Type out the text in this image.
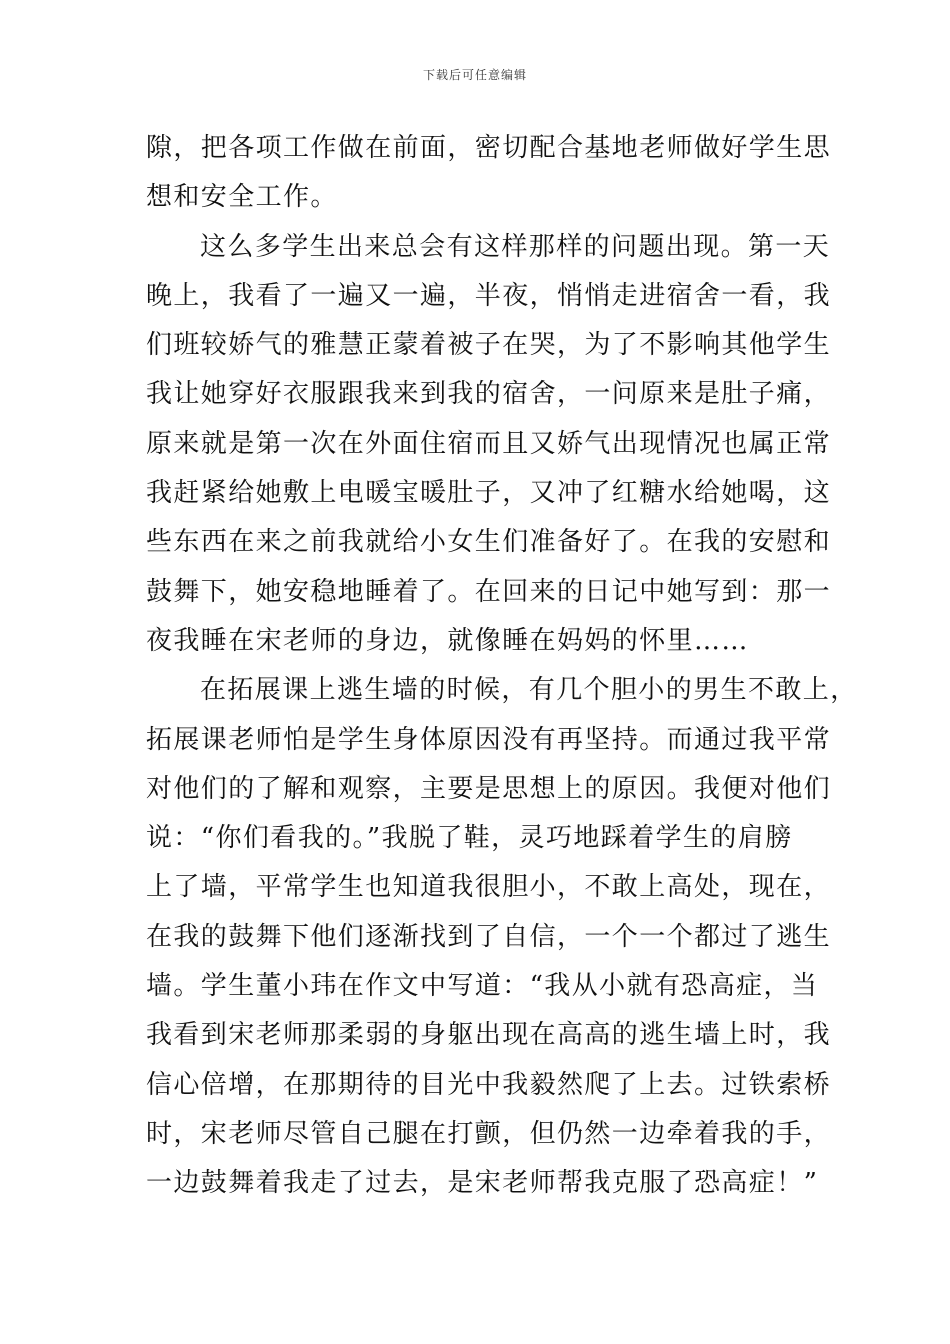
下载后可任意编辑
隙，把各项工作做在前面，密切配合基地老师做好学生思
想和安全工作。
这么多学生出来总会有这样那样的问题出现。第一天
晚上，我看了一遍又一遍，半夜，悄悄走进宿舍一看，我
们班较娇气的雅慧正蒙着被子在哭，为了不影响其他学生
我让她穿好衣服跟我来到我的宿舍，一问原来是肚子痛，
原来就是第一次在外面住宿而且又娇气出现情况也属正常
我赶紧给她敷上电暖宝暖肚子，又冲了红糖水给她喝，这
些东西在来之前我就给小女生们准备好了。在我的安慰和
鼓舞下，她安稳地睡着了。在回来的日记中她写到：那一
夜我睡在宋老师的身边，就像睡在妈妈的怀里……
在拓展课上逃生墙的时候，有几个胆小的男生不敢上，
拓展课老师怕是学生身体原因没有再坚持。而通过我平常
对他们的了解和观察，主要是思想上的原因。我便对他们
说：“你们看我的。”我脱了鞋，灵巧地踩着学生的肩膀
上了墙，平常学生也知道我很胆小，不敢上高处，现在，
在我的鼓舞下他们逐渐找到了自信，一个一个都过了逃生
墙。学生董小玮在作文中写道：“我从小就有恐高症，当
我看到宋老师那柔弱的身躯出现在高高的逃生墙上时，我
信心倍增，在那期待的目光中我毅然爬了上去。过铁索桥
时，宋老师尽管自己腿在打颤，但仍然一边牵着我的手，
一边鼓舞着我走了过去，是宋老师帮我克服了恐高症！”
